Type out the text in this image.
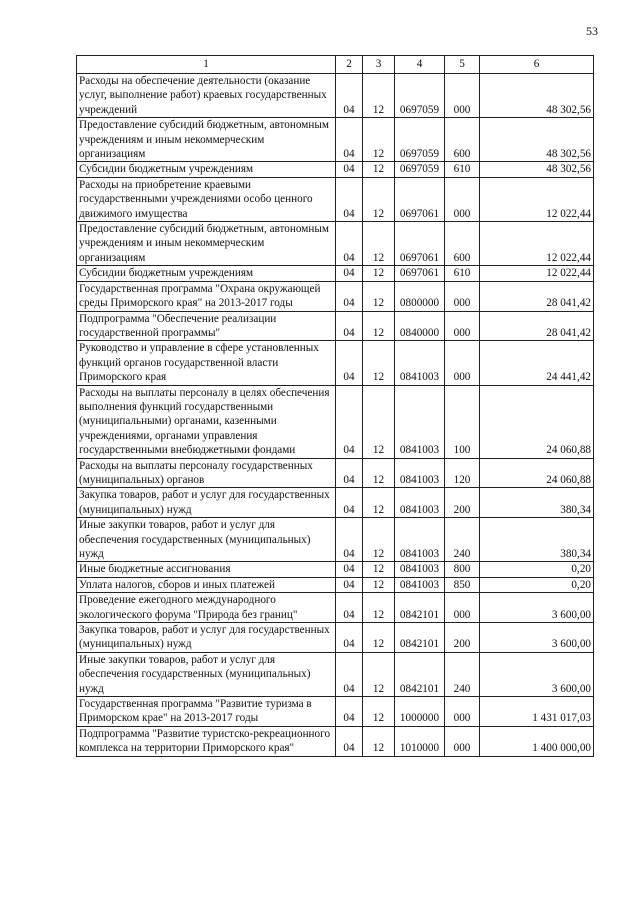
53
1	2	3	4	5	6
Расходы на обеспечение деятельности (оказание услуг, выполнение работ) краевых государственных учреждений	04	12	0697059	000	48 302,56
Предоставление субсидий бюджетным, автономным учреждениям и иным некоммерческим организациям	04	12	0697059	600	48 302,56
Субсидии бюджетным учреждениям	04	12	0697059	610	48 302,56
Расходы на приобретение краевыми государственными учреждениями особо ценного движимого имущества	04	12	0697061	000	12 022,44
Предоставление субсидий бюджетным, автономным учреждениям и иным некоммерческим организациям	04	12	0697061	600	12 022,44
Субсидии бюджетным учреждениям	04	12	0697061	610	12 022,44
Государственная программа "Охрана окружающей среды Приморского края" на 2013-2017 годы	04	12	0800000	000	28 041,42
Подпрограмма "Обеспечение реализации государственной программы"	04	12	0840000	000	28 041,42
Руководство и управление в сфере установленных функций органов государственной власти Приморского края	04	12	0841003	000	24 441,42
Расходы на выплаты персоналу в целях обеспечения выполнения функций государственными (муниципальными) органами, казенными учреждениями, органами управления государственными внебюджетными фондами	04	12	0841003	100	24 060,88
Расходы на выплаты персоналу государственных (муниципальных) органов	04	12	0841003	120	24 060,88
Закупка товаров, работ и услуг для государственных (муниципальных) нужд	04	12	0841003	200	380,34
Иные закупки товаров, работ и услуг для обеспечения государственных (муниципальных) нужд	04	12	0841003	240	380,34
Иные бюджетные ассигнования	04	12	0841003	800	0,20
Уплата налогов, сборов и иных платежей	04	12	0841003	850	0,20
Проведение ежегодного международного экологического форума "Природа без границ"	04	12	0842101	000	3 600,00
Закупка товаров, работ и услуг для государственных (муниципальных) нужд	04	12	0842101	200	3 600,00
Иные закупки товаров, работ и услуг для обеспечения государственных (муниципальных) нужд	04	12	0842101	240	3 600,00
Государственная программа "Развитие туризма в Приморском крае" на 2013-2017 годы	04	12	1000000	000	1 431 017,03
Подпрограмма "Развитие туристско-рекреационного комплекса на территории Приморского края"	04	12	1010000	000	1 400 000,00
